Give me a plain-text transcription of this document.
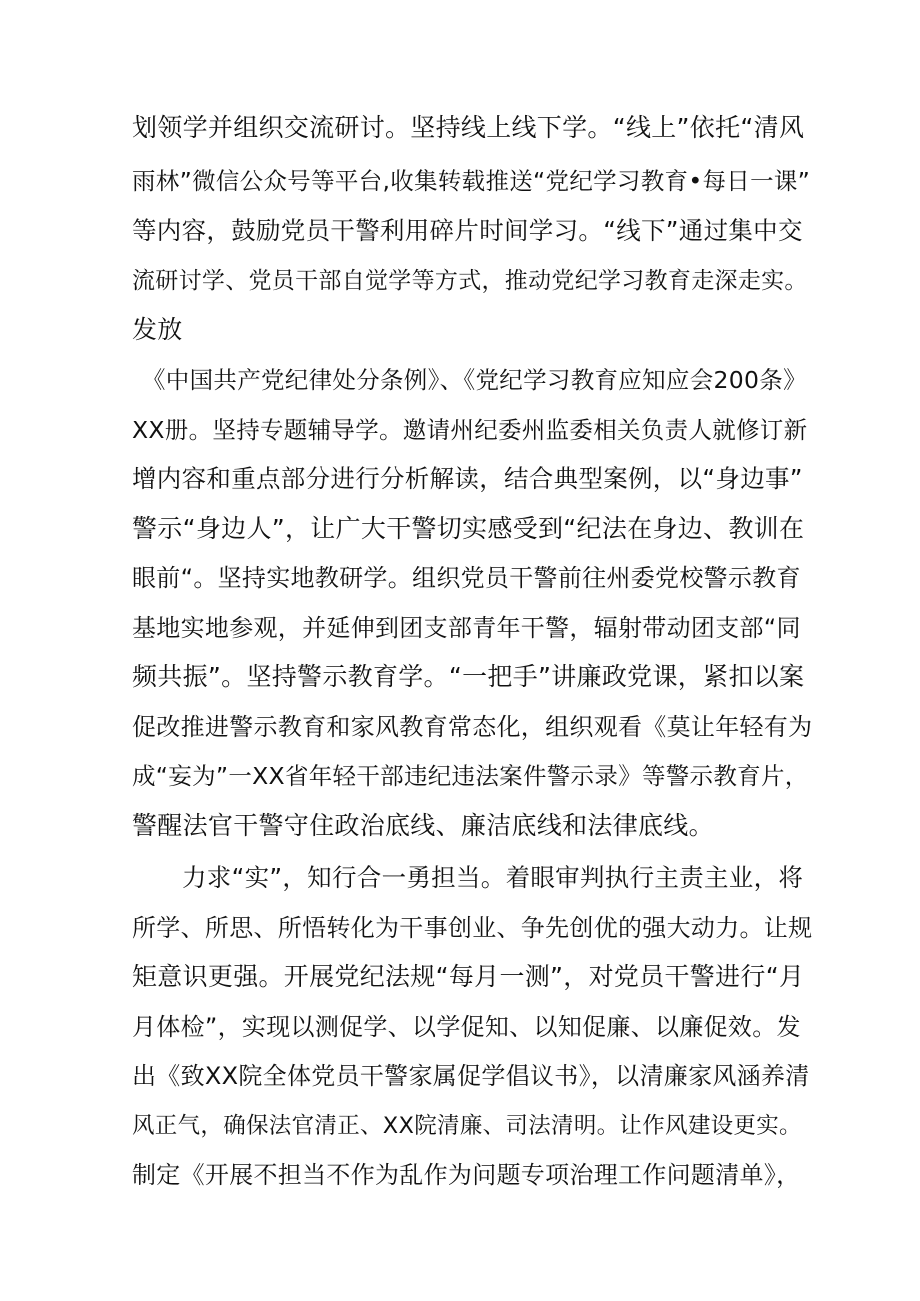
划领学并组织交流研讨。坚持线上线下学。“线上”依托“清风
雨林”微信公众号等平台,收集转载推送“党纪学习教育•每日一课”
等内容，鼓励党员干警利用碎片时间学习。“线下”通过集中交
流研讨学、党员干部自觉学等方式，推动党纪学习教育走深走实。
发放
《中国共产党纪律处分条例》、《党纪学习教育应知应会200条》
XX册。坚持专题辅导学。邀请州纪委州监委相关负责人就修订新
增内容和重点部分进行分析解读，结合典型案例，以“身边事”
警示“身边人”，让广大干警切实感受到“纪法在身边、教训在
眼前“。坚持实地教研学。组织党员干警前往州委党校警示教育
基地实地参观，并延伸到团支部青年干警，辐射带动团支部“同
频共振”。坚持警示教育学。“一把手”讲廉政党课，紧扣以案
促改推进警示教育和家风教育常态化，组织观看《莫让年轻有为
成“妄为”一XX省年轻干部违纪违法案件警示录》等警示教育片，
警醒法官干警守住政治底线、廉洁底线和法律底线。
力求“实”，知行合一勇担当。着眼审判执行主责主业，将
所学、所思、所悟转化为干事创业、争先创优的强大动力。让规
矩意识更强。开展党纪法规“每月一测”，对党员干警进行“月
月体检”，实现以测促学、以学促知、以知促廉、以廉促效。发
出《致XX院全体党员干警家属促学倡议书》，以清廉家风涵养清
风正气，确保法官清正、XX院清廉、司法清明。让作风建设更实。
制定《开展不担当不作为乱作为问题专项治理工作问题清单》，
